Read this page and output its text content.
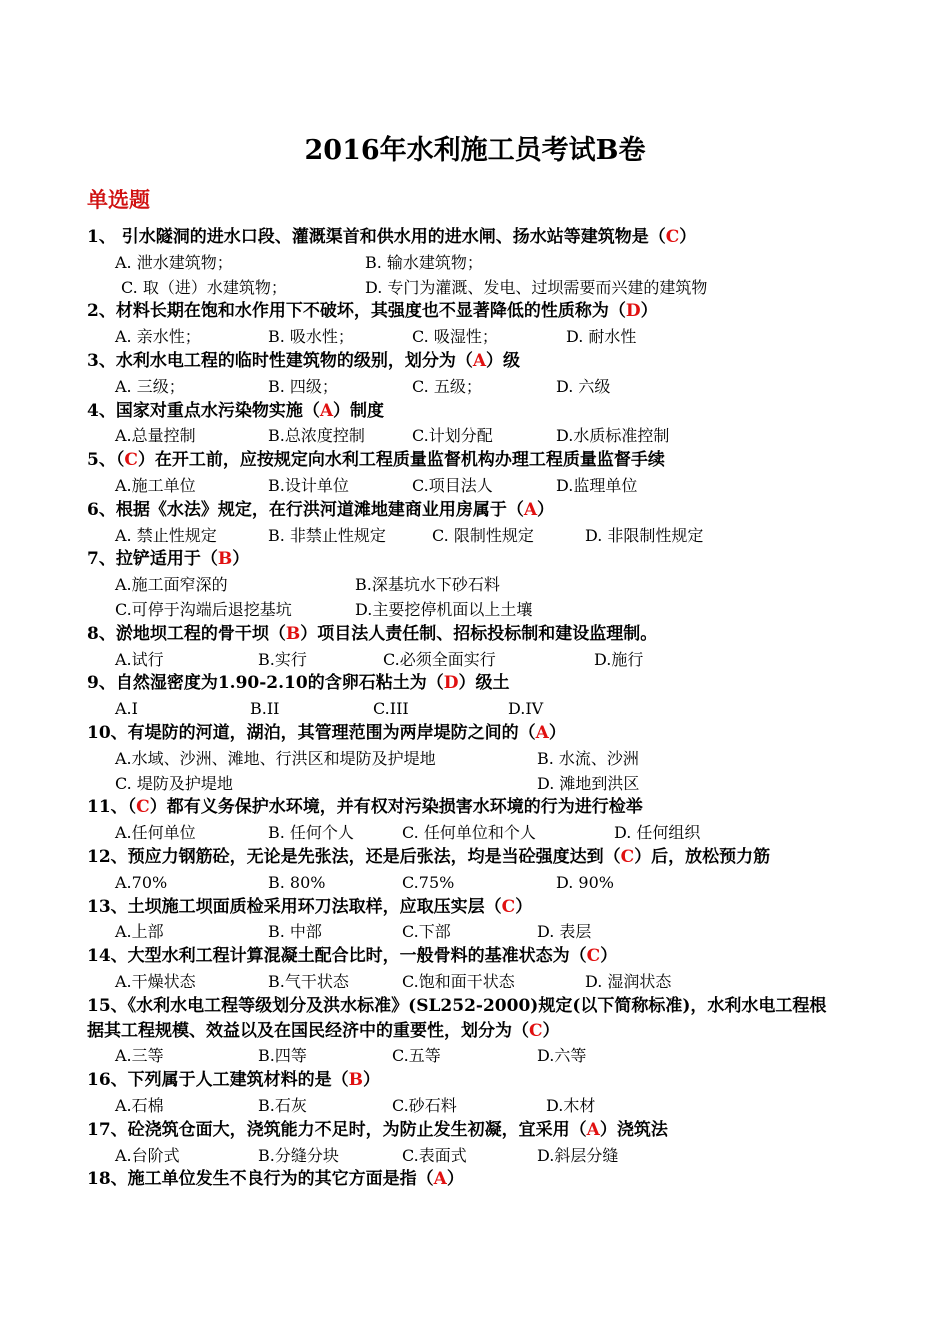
2016年水利施工员考试B卷
单选题
1、 引水隧洞的进水口段、灌溉渠首和供水用的进水闸、扬水站等建筑物是（C）
A. 泄水建筑物；	B. 输水建筑物；
C. 取（进）水建筑物；	D. 专门为灌溉、发电、过坝需要而兴建的建筑物
2、材料长期在饱和水作用下不破坏，其强度也不显著降低的性质称为（D）
A. 亲水性；	B. 吸水性；	C. 吸湿性；	D. 耐水性
3、水利水电工程的临时性建筑物的级别，划分为（A）级
A. 三级；	B. 四级；	C. 五级；	D. 六级
4、国家对重点水污染物实施（A）制度
A.总量控制	B.总浓度控制	C.计划分配	D.水质标准控制
5、（C）在开工前，应按规定向水利工程质量监督机构办理工程质量监督手续
A.施工单位	B.设计单位	C.项目法人	D.监理单位
6、根据《水法》规定，在行洪河道滩地建商业用房属于（A）
A. 禁止性规定	B. 非禁止性规定	C. 限制性规定	D. 非限制性规定
7、拉铲适用于（B）
A.施工面窄深的	B.深基坑水下砂石料
C.可停于沟端后退挖基坑	D.主要挖停机面以上土壤
8、淤地坝工程的骨干坝（B）项目法人责任制、招标投标制和建设监理制。
A.试行	B.实行	C.必须全面实行	D.施行
9、自然湿密度为1.90-2.10的含卵石粘土为（D）级土
A.I	B.II	C.III	D.IV
10、有堤防的河道，湖泊，其管理范围为两岸堤防之间的（A）
A.水域、沙洲、滩地、行洪区和堤防及护堤地	B. 水流、沙洲
C. 堤防及护堤地	D. 滩地到洪区
11、（C）都有义务保护水环境，并有权对污染损害水环境的行为进行检举
A.任何单位	B. 任何个人	C. 任何单位和个人	D. 任何组织
12、预应力钢筋砼，无论是先张法，还是后张法，均是当砼强度达到（C）后，放松预力筋
A.70%	B. 80%	C.75%	D. 90%
13、土坝施工坝面质检采用环刀法取样，应取压实层（C）
A.上部	B. 中部	C.下部	D. 表层
14、大型水利工程计算混凝土配合比时，一般骨料的基准状态为（C）
A.干燥状态	B.气干状态	C.饱和面干状态	D. 湿润状态
15、《水利水电工程等级划分及洪水标准》(SL252-2000)规定(以下简称标准)，水利水电工程根
据其工程规模、效益以及在国民经济中的重要性，划分为（C）
A.三等	B.四等	C.五等	D.六等
16、下列属于人工建筑材料的是（B）
A.石棉	B.石灰	C.砂石料	D.木材
17、砼浇筑仓面大，浇筑能力不足时，为防止发生初凝，宜采用（A）浇筑法
A.台阶式	B.分缝分块	C.表面式	D.斜层分缝
18、施工单位发生不良行为的其它方面是指（A）
